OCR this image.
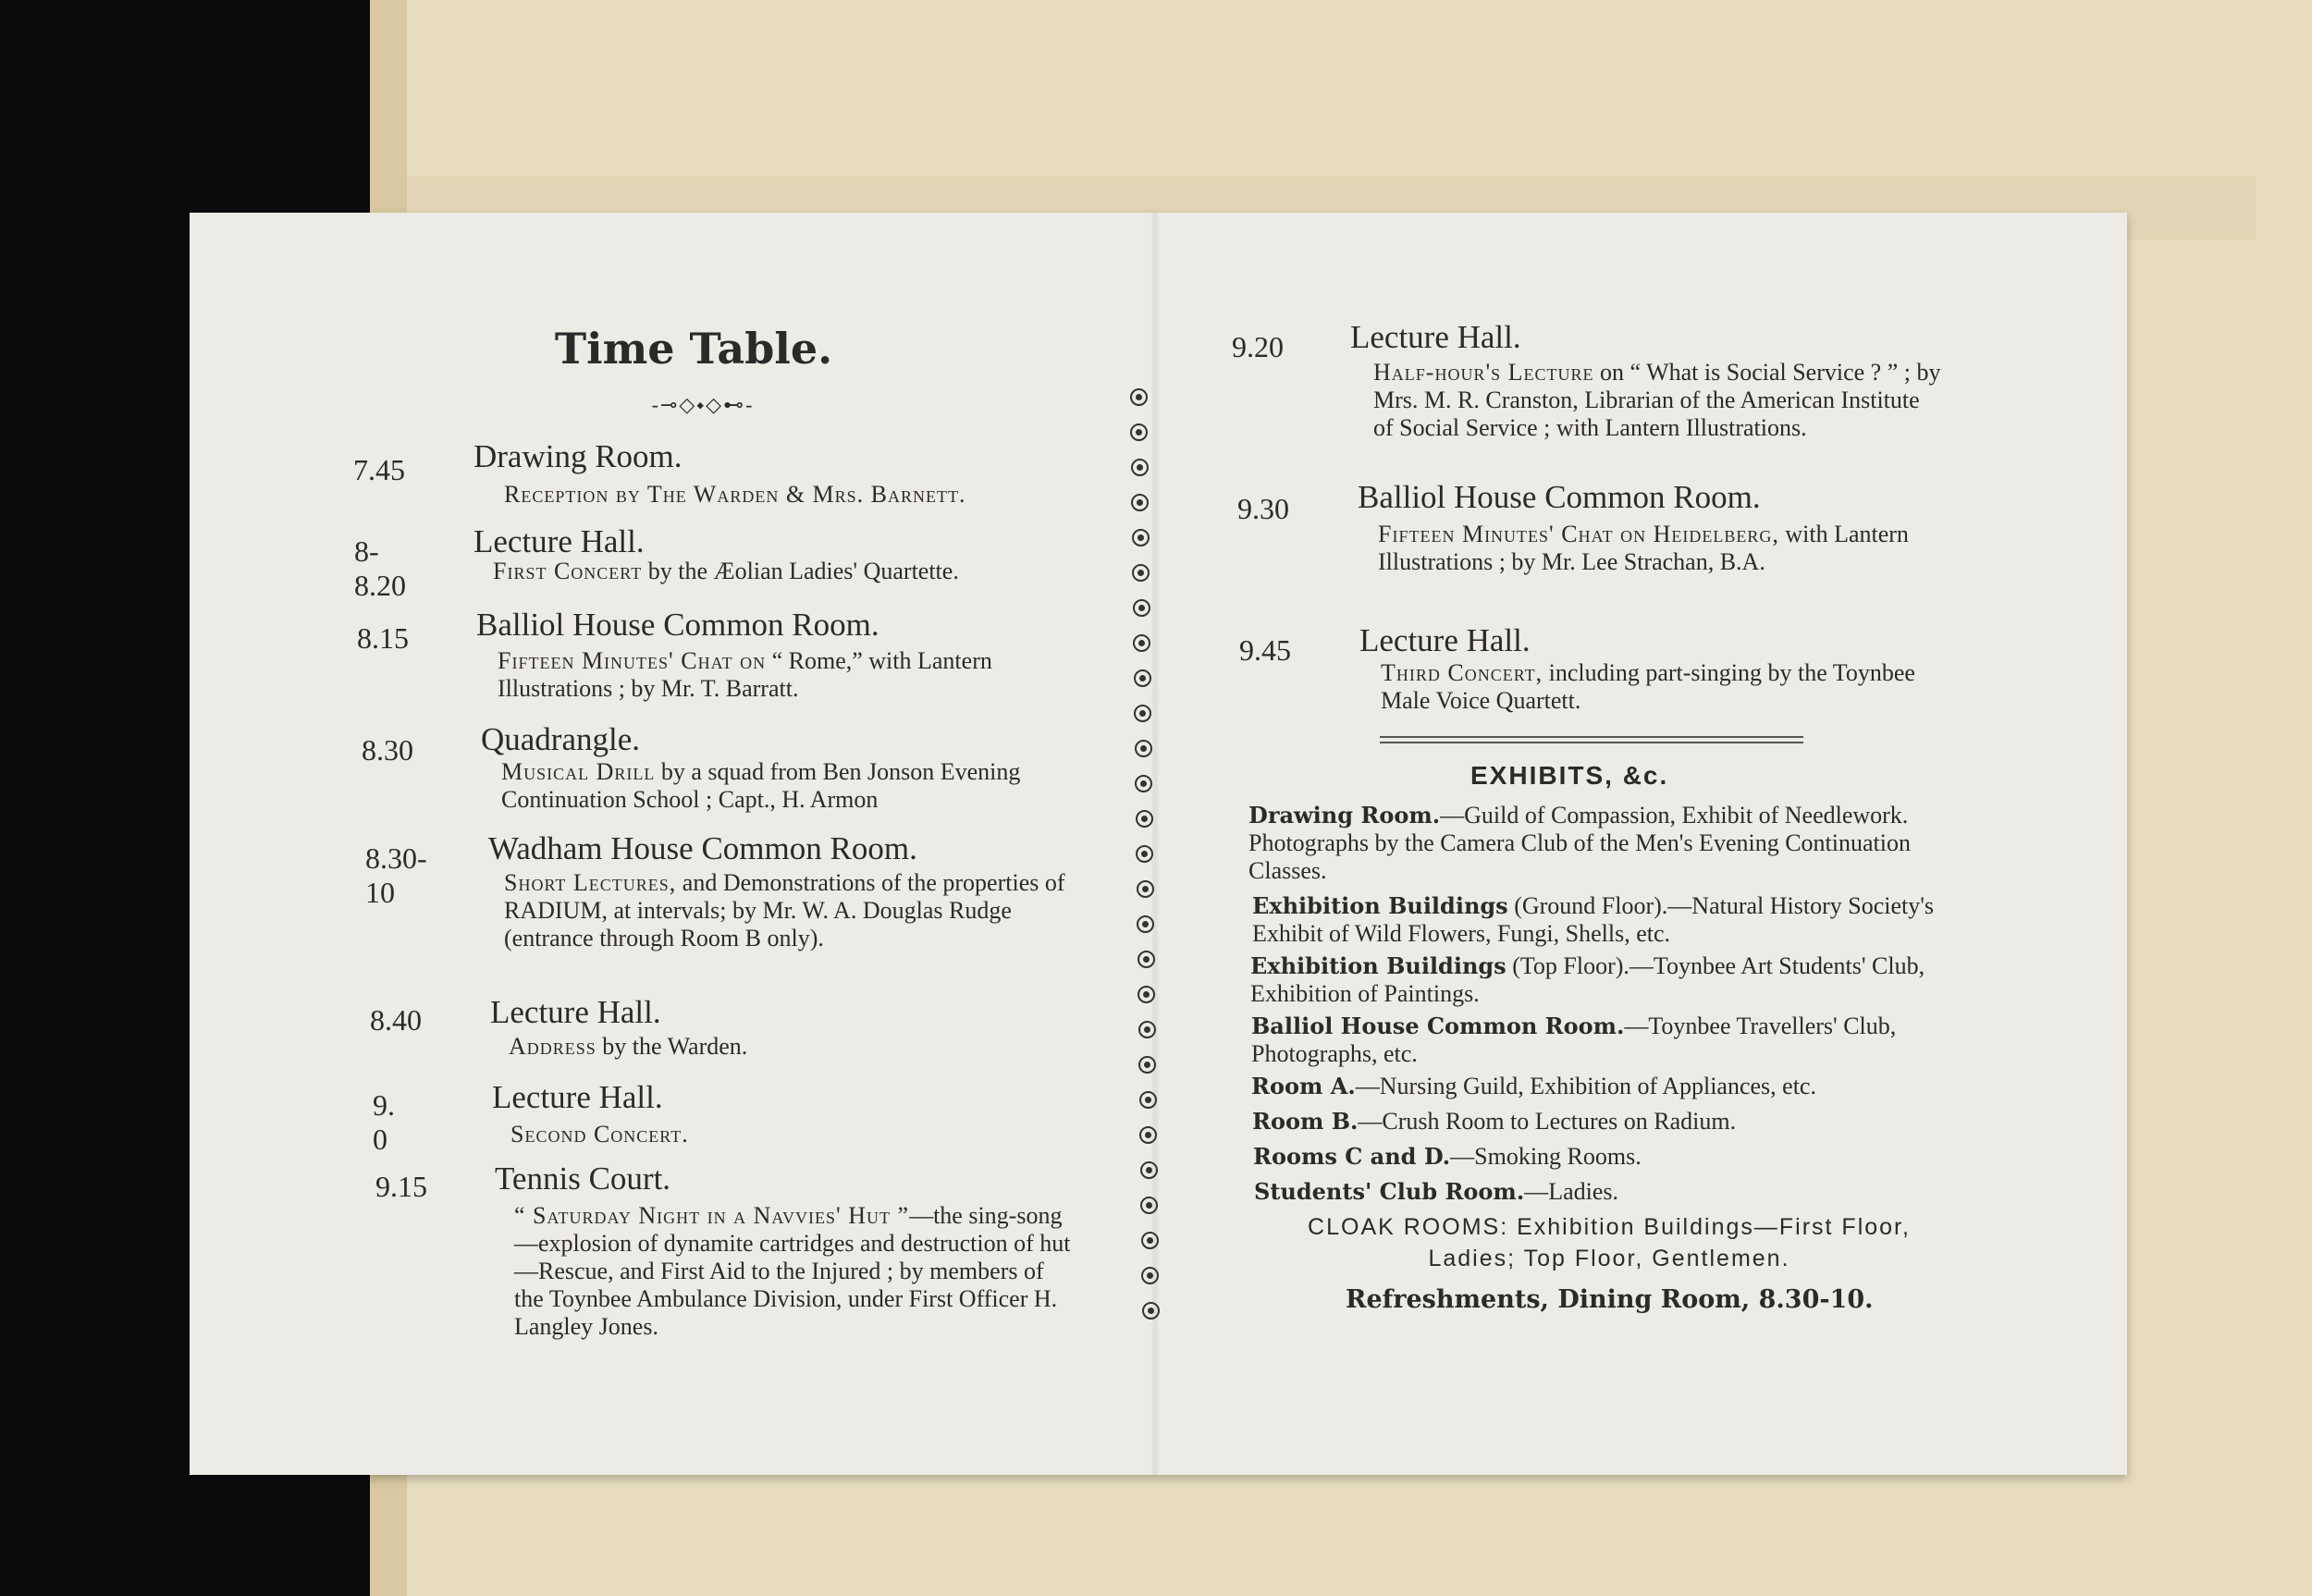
Time Table.
-⊸◇⬩◇⊷-
7.45 Drawing Room.
Reception by The Warden & Mrs. Barnett.
8-8.20
Lecture Hall.
First Concert by the Æolian Ladies' Quartette.
8.15 Balliol House Common Room.
Fifteen Minutes' Chat on “ Rome,” with Lantern Illustrations ; by Mr. T. Barratt.
8.30 Quadrangle.
Musical Drill by a squad from Ben Jonson Evening Continuation School ; Capt., H. Armon
8.30-10
Wadham House Common Room.
Short Lectures, and Demonstrations of the properties of RADIUM, at intervals; by Mr. W. A. Douglas Rudge (entrance through Room B only).
8.40 Lecture Hall.
Address by the Warden.
9. 0
Lecture Hall.
Second Concert.
9.15 Tennis Court.
“ Saturday Night in a Navvies' Hut ”—the sing-song—explosion of dynamite cartridges and destruction of hut—Rescue, and First Aid to the Injured ; by members of the Toynbee Ambulance Division, under First Officer H. Langley Jones.
9.20 Lecture Hall.
Half-hour's Lecture on “ What is Social Service ? ” ; by Mrs. M. R. Cranston, Librarian of the American Institute of Social Service ; with Lantern Illustrations.
9.30 Balliol House Common Room.
Fifteen Minutes' Chat on Heidelberg, with Lantern Illustrations ; by Mr. Lee Strachan, B.A.
9.45 Lecture Hall.
Third Concert, including part-singing by the Toynbee Male Voice Quartett.
EXHIBITS, &c.
Drawing Room.—Guild of Compassion, Exhibit of Needlework. Photographs by the Camera Club of the Men's Evening Continuation Classes.
Exhibition Buildings (Ground Floor).—Natural History Society's Exhibit of Wild Flowers, Fungi, Shells, etc.
Exhibition Buildings (Top Floor).—Toynbee Art Students' Club, Exhibition of Paintings.
Balliol House Common Room.—Toynbee Travellers' Club, Photographs, etc.
Room A.—Nursing Guild, Exhibition of Appliances, etc.
Room B.—Crush Room to Lectures on Radium.
Rooms C and D.—Smoking Rooms.
Students' Club Room.—Ladies.
CLOAK ROOMS: Exhibition Buildings—First Floor,
Ladies; Top Floor, Gentlemen.
Refreshments, Dining Room, 8.30-10.
